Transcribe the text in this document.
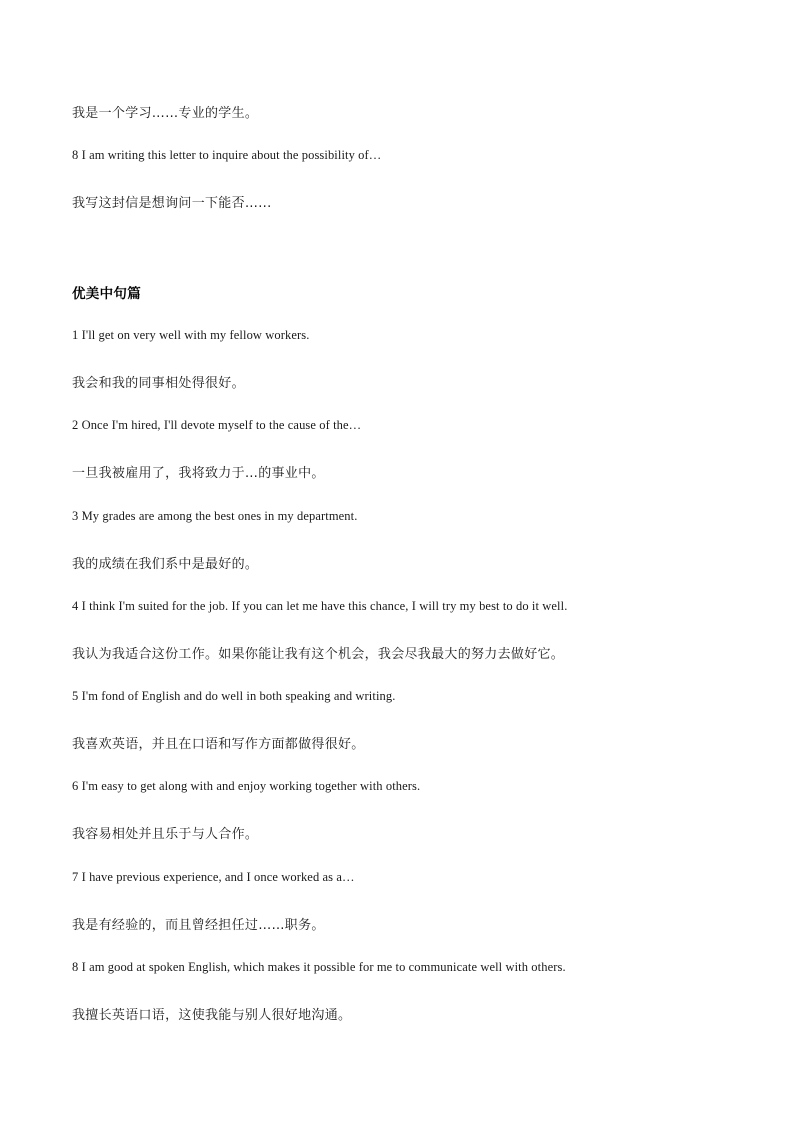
我是一个学习……专业的学生。
8 I am writing this letter to inquire about the possibility of…
我写这封信是想询问一下能否…...
优美中句篇
1 I'll get on very well with my fellow workers.
我会和我的同事相处得很好。
2 Once I'm hired, I'll devote myself to the cause of the…
一旦我被雇用了，我将致力于…的事业中。
3 My grades are among the best ones in my department.
我的成绩在我们系中是最好的。
4 I think I'm suited for the job. If you can let me have this chance, I will try my best to do it well.
我认为我适合这份工作。如果你能让我有这个机会，我会尽我最大的努力去做好它。
5 I'm fond of English and do well in both speaking and writing.
我喜欢英语，并且在口语和写作方面都做得很好。
6 I'm easy to get along with and enjoy working together with others.
我容易相处并且乐于与人合作。
7 I have previous experience, and I once worked as a…
我是有经验的，而且曾经担任过……职务。
8 I am good at spoken English, which makes it possible for me to communicate well with others.
我擅长英语口语，这使我能与别人很好地沟通。
